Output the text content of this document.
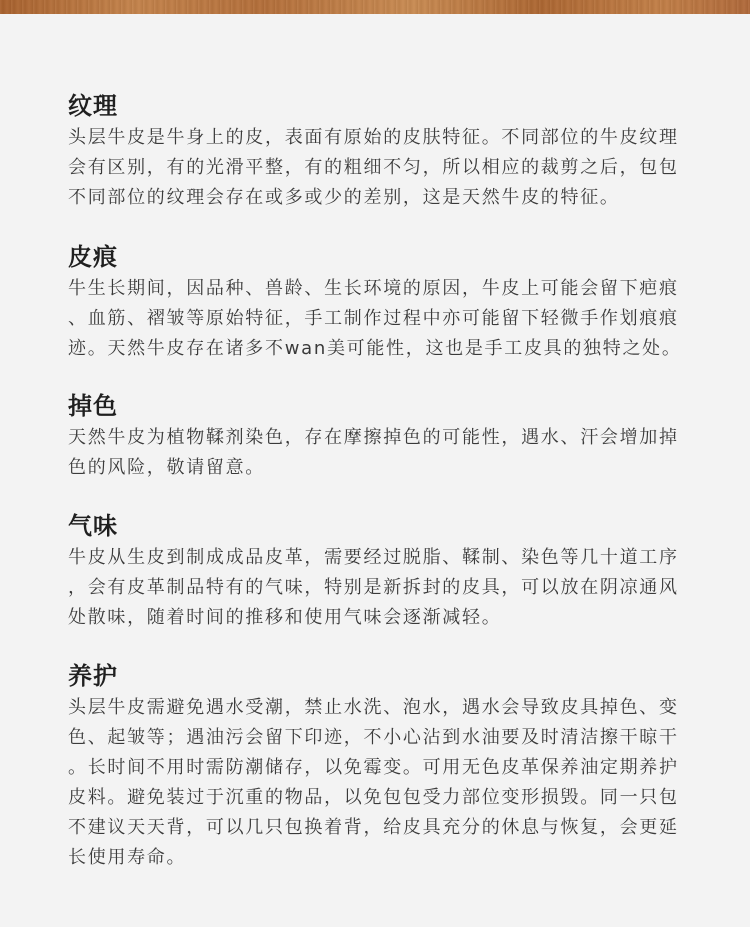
纹理
头层牛皮是牛身上的皮，表面有原始的皮肤特征。不同部位的牛皮纹理
会有区别，有的光滑平整，有的粗细不匀，所以相应的裁剪之后，包包
不同部位的纹理会存在或多或少的差别，这是天然牛皮的特征。
皮痕
牛生长期间，因品种、兽龄、生长环境的原因，牛皮上可能会留下疤痕
、血筋、褶皱等原始特征，手工制作过程中亦可能留下轻微手作划痕痕
迹。天然牛皮存在诸多不wan美可能性，这也是手工皮具的独特之处。
掉色
天然牛皮为植物鞣剂染色，存在摩擦掉色的可能性，遇水、汗会增加掉
色的风险，敬请留意。
气味
牛皮从生皮到制成成品皮革，需要经过脱脂、鞣制、染色等几十道工序
，会有皮革制品特有的气味，特别是新拆封的皮具，可以放在阴凉通风
处散味，随着时间的推移和使用气味会逐渐减轻。
养护
头层牛皮需避免遇水受潮，禁止水洗、泡水，遇水会导致皮具掉色、变
色、起皱等；遇油污会留下印迹，不小心沾到水油要及时清洁擦干晾干
。长时间不用时需防潮储存，以免霉变。可用无色皮革保养油定期养护
皮料。避免装过于沉重的物品，以免包包受力部位变形损毁。同一只包
不建议天天背，可以几只包换着背，给皮具充分的休息与恢复，会更延
长使用寿命。
